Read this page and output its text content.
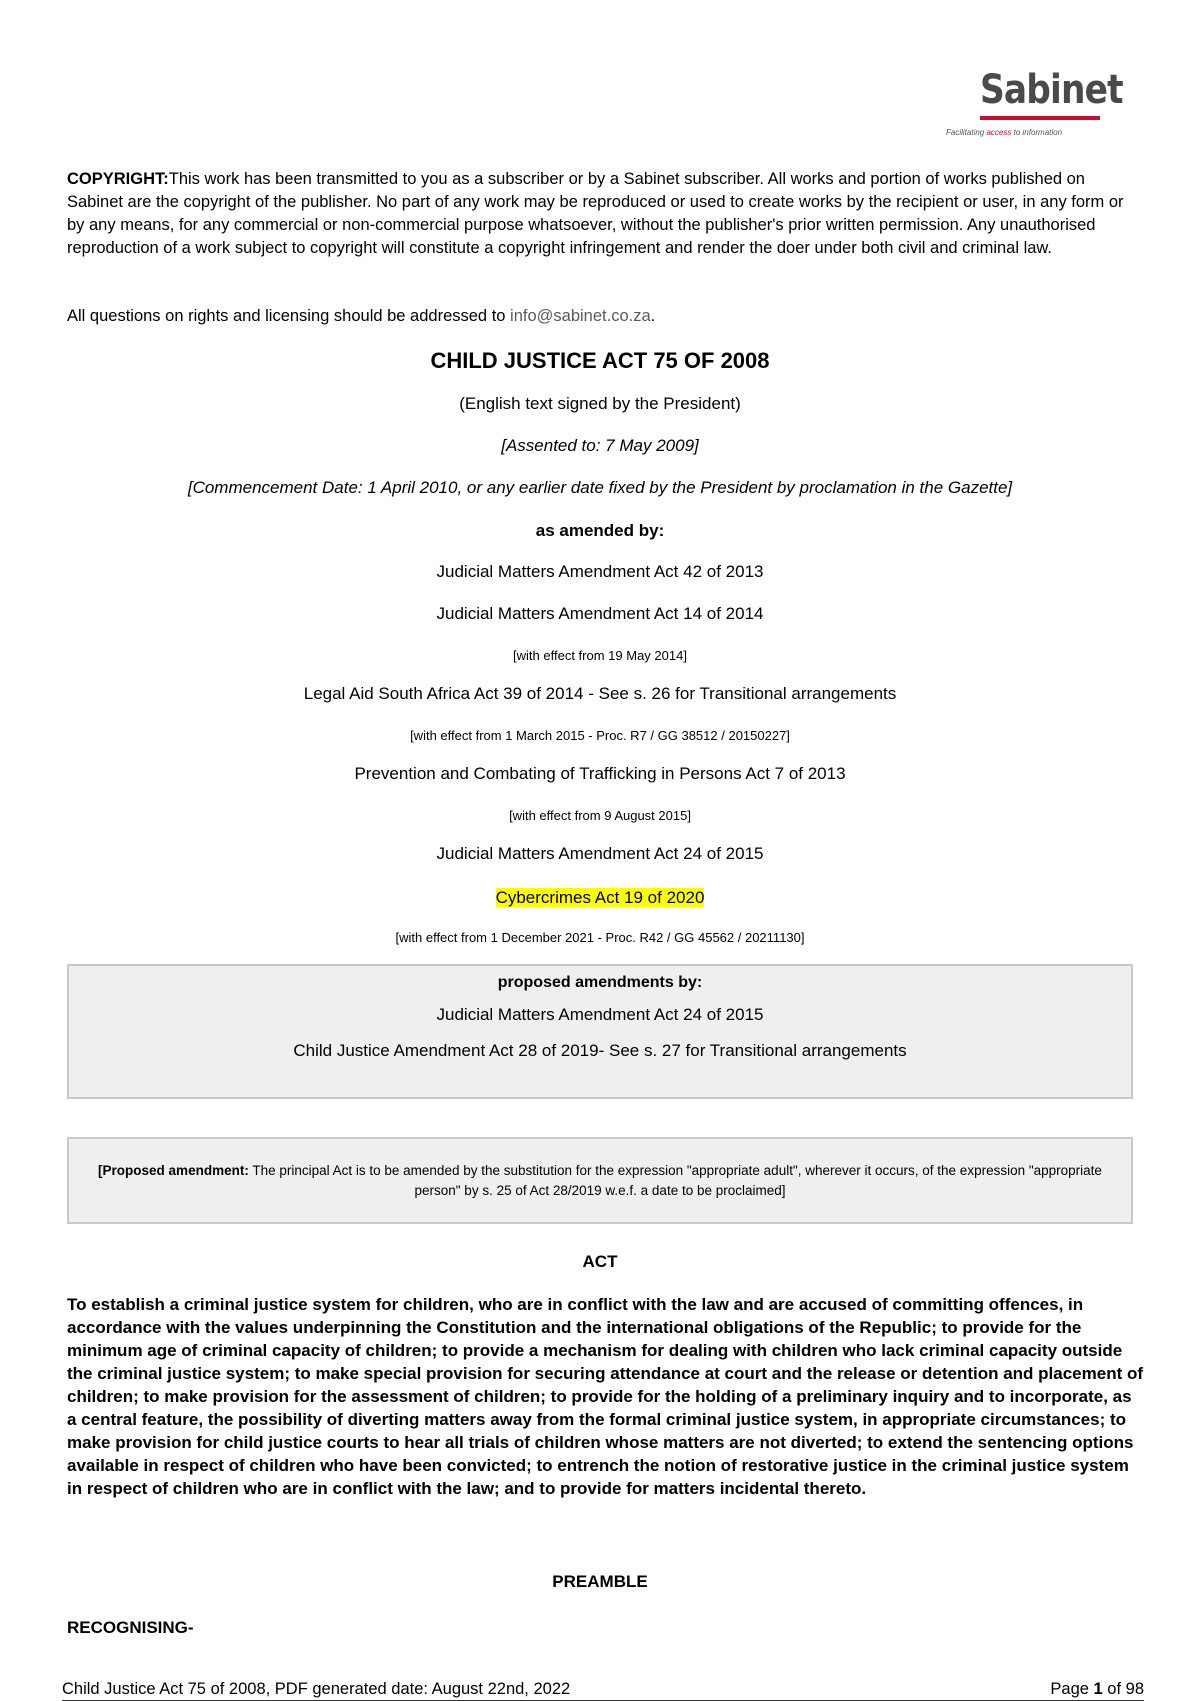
Sabinet
Facilitating access to information
COPYRIGHT:This work has been transmitted to you as a subscriber or by a Sabinet subscriber. All works and portion of works published on Sabinet are the copyright of the publisher. No part of any work may be reproduced or used to create works by the recipient or user, in any form or by any means, for any commercial or non-commercial purpose whatsoever, without the publisher's prior written permission. Any unauthorised reproduction of a work subject to copyright will constitute a copyright infringement and render the doer under both civil and criminal law.
All questions on rights and licensing should be addressed to info@sabinet.co.za.
CHILD JUSTICE ACT 75 OF 2008
(English text signed by the President)
[Assented to: 7 May 2009]
[Commencement Date: 1 April 2010, or any earlier date fixed by the President by proclamation in the Gazette]
as amended by:
Judicial Matters Amendment Act 42 of 2013
Judicial Matters Amendment Act 14 of 2014
[with effect from 19 May 2014]
Legal Aid South Africa Act 39 of 2014 - See s. 26 for Transitional arrangements
[with effect from 1 March 2015 - Proc. R7 / GG 38512 / 20150227]
Prevention and Combating of Trafficking in Persons Act 7 of 2013
[with effect from 9 August 2015]
Judicial Matters Amendment Act 24 of 2015
Cybercrimes Act 19 of 2020
[with effect from 1 December 2021 - Proc. R42 / GG 45562 / 20211130]
proposed amendments by:
Judicial Matters Amendment Act 24 of 2015
Child Justice Amendment Act 28 of 2019- See s. 27 for Transitional arrangements
[Proposed amendment: The principal Act is to be amended by the substitution for the expression "appropriate adult", wherever it occurs, of the expression "appropriate person" by s. 25 of Act 28/2019 w.e.f. a date to be proclaimed]
ACT
To establish a criminal justice system for children, who are in conflict with the law and are accused of committing offences, in accordance with the values underpinning the Constitution and the international obligations of the Republic; to provide for the minimum age of criminal capacity of children; to provide a mechanism for dealing with children who lack criminal capacity outside the criminal justice system; to make special provision for securing attendance at court and the release or detention and placement of children; to make provision for the assessment of children; to provide for the holding of a preliminary inquiry and to incorporate, as a central feature, the possibility of diverting matters away from the formal criminal justice system, in appropriate circumstances; to make provision for child justice courts to hear all trials of children whose matters are not diverted; to extend the sentencing options available in respect of children who have been convicted; to entrench the notion of restorative justice in the criminal justice system in respect of children who are in conflict with the law; and to provide for matters incidental thereto.
PREAMBLE
RECOGNISING-
Child Justice Act 75 of 2008, PDF generated date: August 22nd, 2022	Page 1 of 98
